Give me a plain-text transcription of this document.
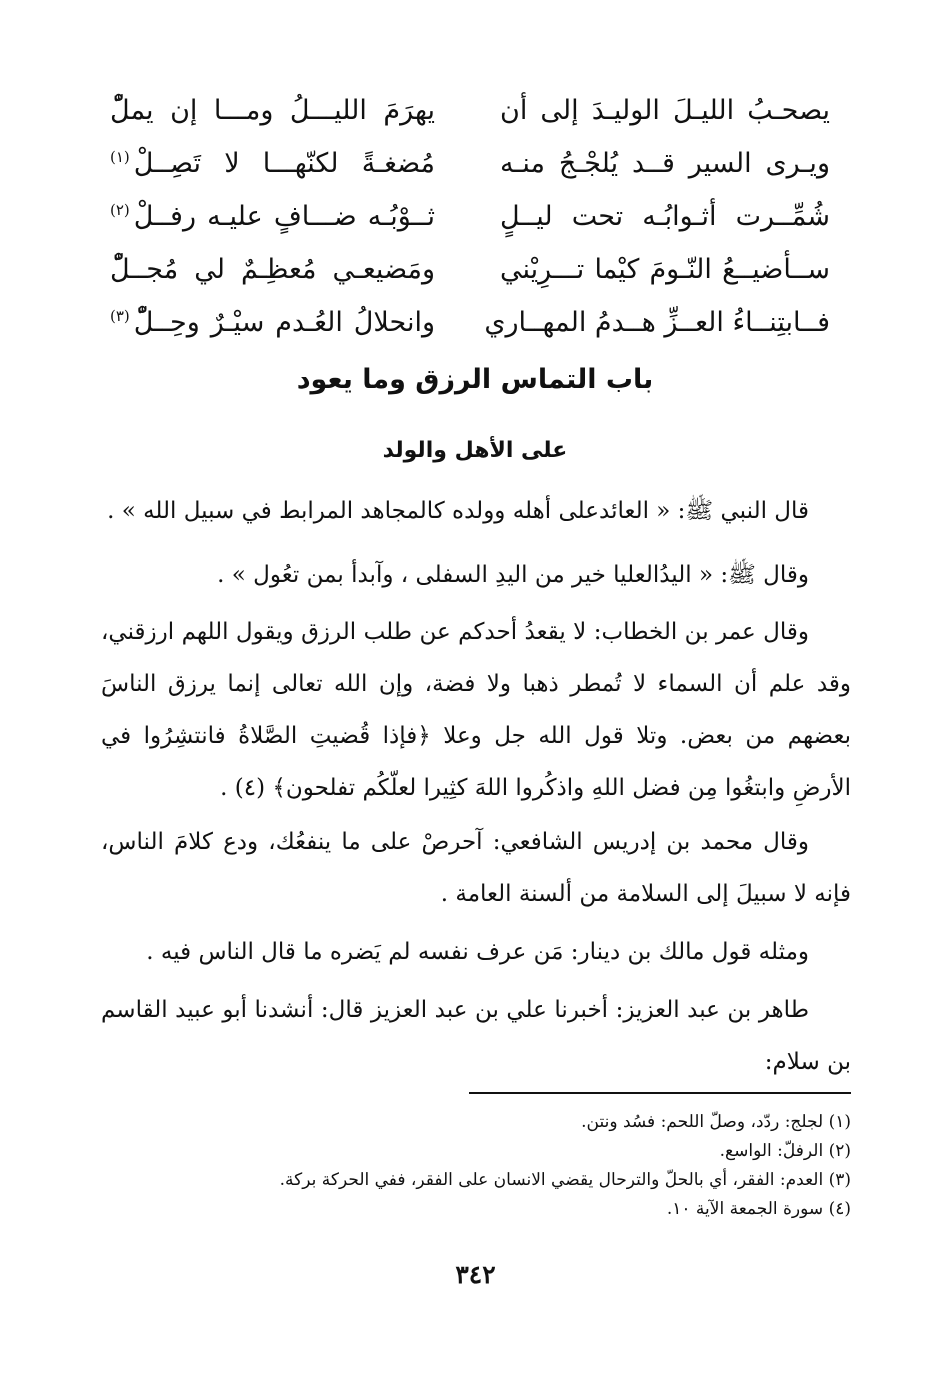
يصحـبُ الليـلَ الوليـدَ إلى أن
يهرَمَ الليـــلُ ومـــا إن يملّْ
ويـرى السير قــد يُلجْـجُ منـه
مُضغـةً لكنّهـــا لا تَصِــلْ$^{(١)}$
شُمِّــرت أثـوابُـه تحت ليــلٍ
ثــوْبُـه ضـــافٍ عليـه رفــلْ$^{(٢)}$
ســأضيــعُ النّـومَ كيْما تـــرِيْني
ومَضيعـي مُعظِـمٌ لي مُجــلّْ
فــابتِنــاءُ العــزِّ هــدمُ المهــاري
وانحلالُ العُـدم سيْـرٌ وحِــلّْ$^{(٣)}$
باب التماس الرزق وما يعود
على الأهل والولد

قال النبي ﷺ: « العائدعلى أهله وولده كالمجاهد المرابط في سبيل الله » .

وقال ﷺ: « اليدُالعليا خير من اليدِ السفلى ، وآبدأ بمن تعُول » .

وقال عمر بن الخطاب: لا يقعدُ أحدكم عن طلب الرزق ويقول اللهم ارزقني، وقد علم أن السماء لا تُمطر ذهبا ولا فضة، وإن الله تعالى إنما يرزق الناسَ بعضهم من بعض. وتلا قول الله جل وعلا ﴿فإذا قُضيتِ الصَّلاةُ فانتشِرُوا في الأرضِ وابتغُوا مِن فضل اللهِ واذكُروا اللهَ كثِيرا لعلّكُم تفلحون﴾ (٤) .

وقال محمد بن إدريس الشافعي: آحرصْ على ما ينفعُك، ودع كلامَ الناس، فإنه لا سبيلَ إلى السلامة من ألسنة العامة .

ومثله قول مالك بن دينار: مَن عرف نفسه لم يَضره ما قال الناس فيه .

طاهر بن عبد العزيز: أخبرنا علي بن عبد العزيز قال: أنشدنا أبو عبيد القاسم بن سلام:

(١) لجلج: ردّد، وصلّ اللحم: فسُد ونتن.
(٢) الرفلّ: الواسع.
(٣) العدم: الفقر، أي بالحلّ والترحال يقضي الانسان على الفقر، ففي الحركة بركة.
(٤) سورة الجمعة الآية ١٠.
٣٤٢
